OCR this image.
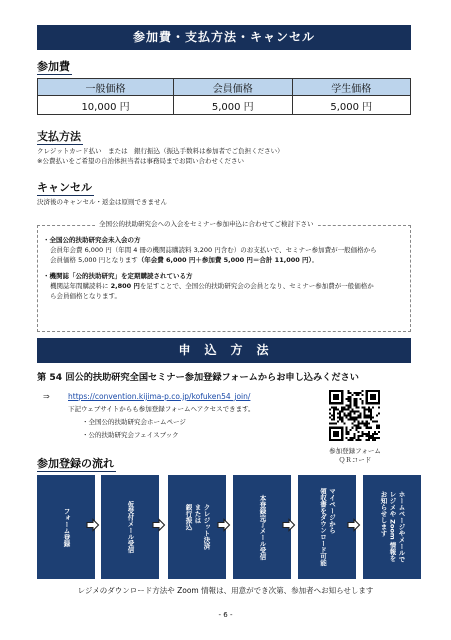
参加費・支払方法・キャンセル
参加費
一般価格	会員価格	学生価格
10,000 円	5,000 円	5,000 円
支払方法
クレジットカード払い　または　銀行振込（振込手数料は参加者でご負担ください）
※公費払いをご希望の自治体担当者は事務局までお問い合わせください
キャンセル
決済後のキャンセル・返金は原則できません
全国公的扶助研究会への入会をセミナー参加申込に合わせてご検討下さい
・全国公的扶助研究会未入会の方
会員年会費 6,000 円（年間 4 冊の機関誌購読料 3,200 円含む）のお支払いで、セミナー参加費が一般価格から
会員価格 5,000 円となります（年会費 6,000 円＋参加費 5,000 円＝合計 11,000 円）。
・機関誌「公的扶助研究」を定期購読されている方
機関誌年間購読料に 2,800 円を足すことで、全国公的扶助研究会の会員となり、セミナー参加費が一般価格か
ら会員価格となります。
申　込　方　法
第 54 回公的扶助研究全国セミナー参加登録フォームからお申し込みください
⇒ https://convention.kijima-p.co.jp/kofuken54_join/
下記ウェブサイトからも参加登録フォームへアクセスできます。
・全国公的扶助研究会ホームページ
・公的扶助研究会フェイスブック
参加登録フォーム
ＱＲコード
参加登録の流れ
フォーム登録	仮受付メール受信	クレジット決済
または
銀行振込	本登録完了メール受信	マイページから
領収書をダウンロード可能	ホームページやメールで
レジメや Zoom 情報を
お知らせします
レジメのダウンロード方法や Zoom 情報は、用意ができ次第、参加者へお知らせします
- 6 -
